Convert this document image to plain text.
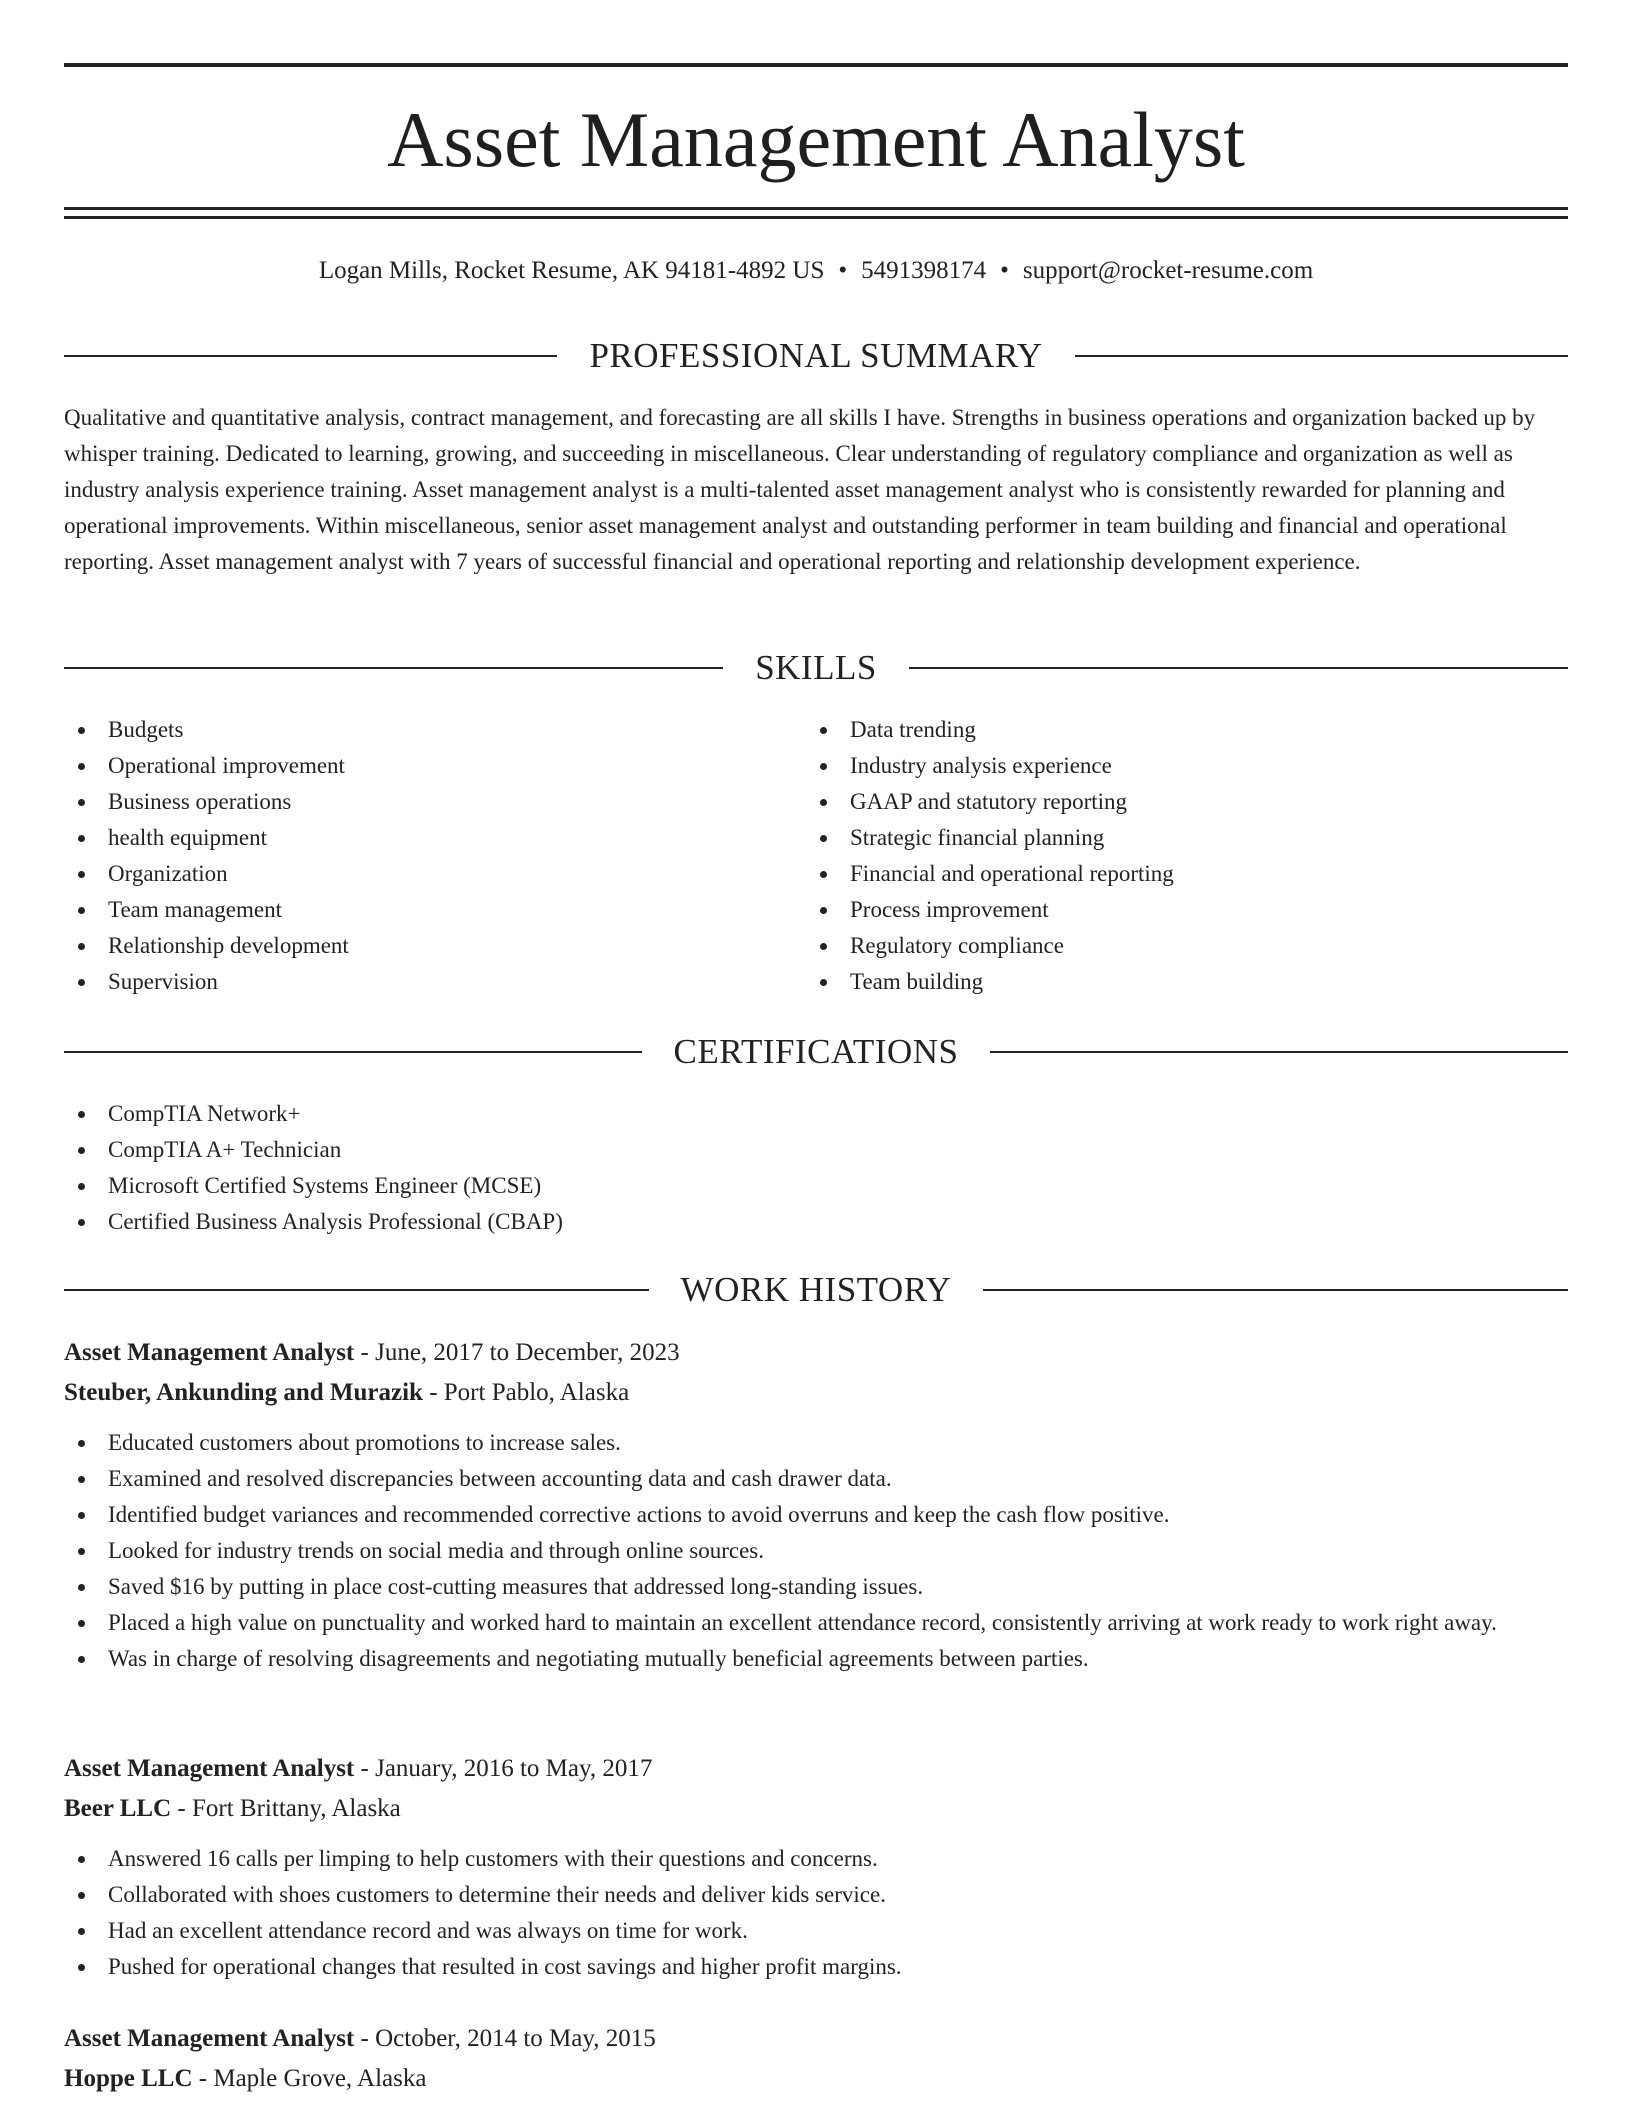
Asset Management Analyst
Logan Mills, Rocket Resume, AK 94181-4892 US • 5491398174 • support@rocket-resume.com
PROFESSIONAL SUMMARY
Qualitative and quantitative analysis, contract management, and forecasting are all skills I have. Strengths in business operations and organization backed up by whisper training. Dedicated to learning, growing, and succeeding in miscellaneous. Clear understanding of regulatory compliance and organization as well as industry analysis experience training. Asset management analyst is a multi-talented asset management analyst who is consistently rewarded for planning and operational improvements. Within miscellaneous, senior asset management analyst and outstanding performer in team building and financial and operational reporting. Asset management analyst with 7 years of successful financial and operational reporting and relationship development experience.
SKILLS
Budgets
Operational improvement
Business operations
health equipment
Organization
Team management
Relationship development
Supervision
Data trending
Industry analysis experience
GAAP and statutory reporting
Strategic financial planning
Financial and operational reporting
Process improvement
Regulatory compliance
Team building
CERTIFICATIONS
CompTIA Network+
CompTIA A+ Technician
Microsoft Certified Systems Engineer (MCSE)
Certified Business Analysis Professional (CBAP)
WORK HISTORY
Asset Management Analyst - June, 2017 to December, 2023
Steuber, Ankunding and Murazik - Port Pablo, Alaska
Educated customers about promotions to increase sales.
Examined and resolved discrepancies between accounting data and cash drawer data.
Identified budget variances and recommended corrective actions to avoid overruns and keep the cash flow positive.
Looked for industry trends on social media and through online sources.
Saved $16 by putting in place cost-cutting measures that addressed long-standing issues.
Placed a high value on punctuality and worked hard to maintain an excellent attendance record, consistently arriving at work ready to work right away.
Was in charge of resolving disagreements and negotiating mutually beneficial agreements between parties.
Asset Management Analyst - January, 2016 to May, 2017
Beer LLC - Fort Brittany, Alaska
Answered 16 calls per limping to help customers with their questions and concerns.
Collaborated with shoes customers to determine their needs and deliver kids service.
Had an excellent attendance record and was always on time for work.
Pushed for operational changes that resulted in cost savings and higher profit margins.
Asset Management Analyst - October, 2014 to May, 2015
Hoppe LLC - Maple Grove, Alaska
